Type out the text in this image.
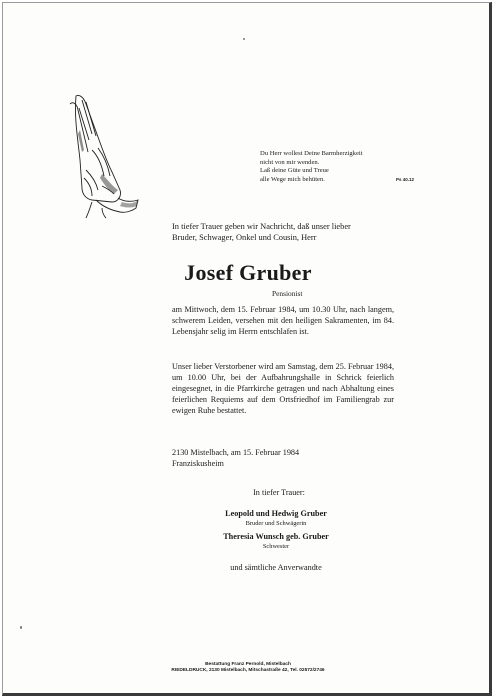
Du Herr wollest Deine Barmherzigkeit
nicht von mir wenden.
Laß deine Güte und Treue
alle Wege mich behüten.	Ps 40.12
In tiefer Trauer geben wir Nachricht, daß unser lieber
Bruder, Schwager, Onkel und Cousin, Herr
Josef Gruber
Pensionist
am Mittwoch, dem 15. Februar 1984, um 10.30 Uhr, nach langem, schwerem Leiden, versehen mit den heiligen Sakramenten, im 84. Lebensjahr selig im Herrn entschlafen ist.
Unser lieber Verstorbener wird am Samstag, dem 25. Februar 1984, um 10.00 Uhr, bei der Aufbahrungshalle in Schrick feierlich eingesegnet, in die Pfarrkirche getragen und nach Abhaltung eines feierlichen Requiems auf dem Ortsfriedhof im Familiengrab zur ewigen Ruhe bestattet.
2130 Mistelbach, am 15. Februar 1984
Franziskusheim
In tiefer Trauer:
Leopold und Hedwig Gruber
Bruder und Schwägerin
Theresia Wunsch geb. Gruber
Schwester
und sämtliche Anverwandte
Bestattung Franz Pernold, Mistelbach
RIEDELDRUCK, 2130 Mistelbach, Mitschastraße 42, Tel. 02572/2746
